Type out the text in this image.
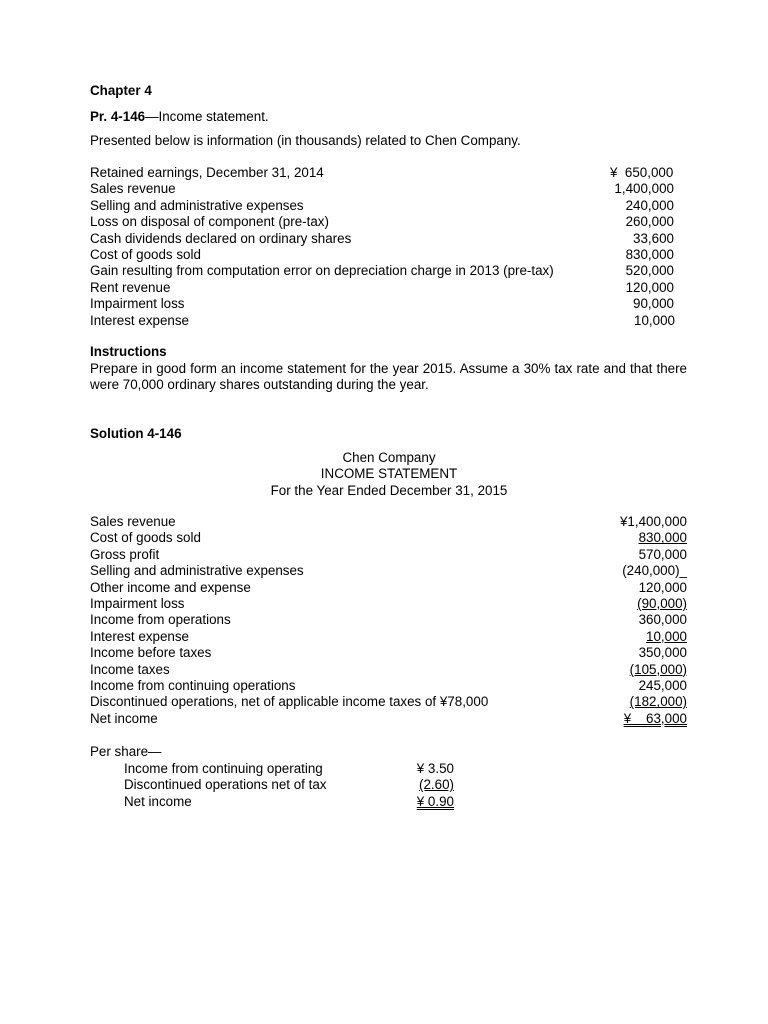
Chapter 4
Pr. 4-146—Income statement.
Presented below is information (in thousands) related to Chen Company.
Retained earnings, December 31, 2014	¥  650,000
Sales revenue	1,400,000
Selling and administrative expenses	240,000
Loss on disposal of component (pre-tax)	260,000
Cash dividends declared on ordinary shares	33,600
Cost of goods sold	830,000
Gain resulting from computation error on depreciation charge in 2013 (pre-tax)	520,000
Rent revenue	120,000
Impairment loss	90,000
Interest expense	10,000
Instructions
Prepare in good form an income statement for the year 2015. Assume a 30% tax rate and that there were 70,000 ordinary shares outstanding during the year.
Solution 4-146
Chen Company
INCOME STATEMENT
For the Year Ended December 31, 2015
Sales revenue	¥1,400,000
Cost of goods sold	830,000
Gross profit	570,000
Selling and administrative expenses	(240,000)_
Other income and expense	120,000
Impairment loss	(90,000)
Income from operations	360,000
Interest expense	10,000
Income before taxes	350,000
Income taxes	(105,000)
Income from continuing operations	245,000
Discontinued operations, net of applicable income taxes of ¥78,000	(182,000)
Net income	¥    63,000
Per share—
Income from continuing operating	¥ 3.50
Discontinued operations net of tax	(2.60)
Net income	¥ 0.90
